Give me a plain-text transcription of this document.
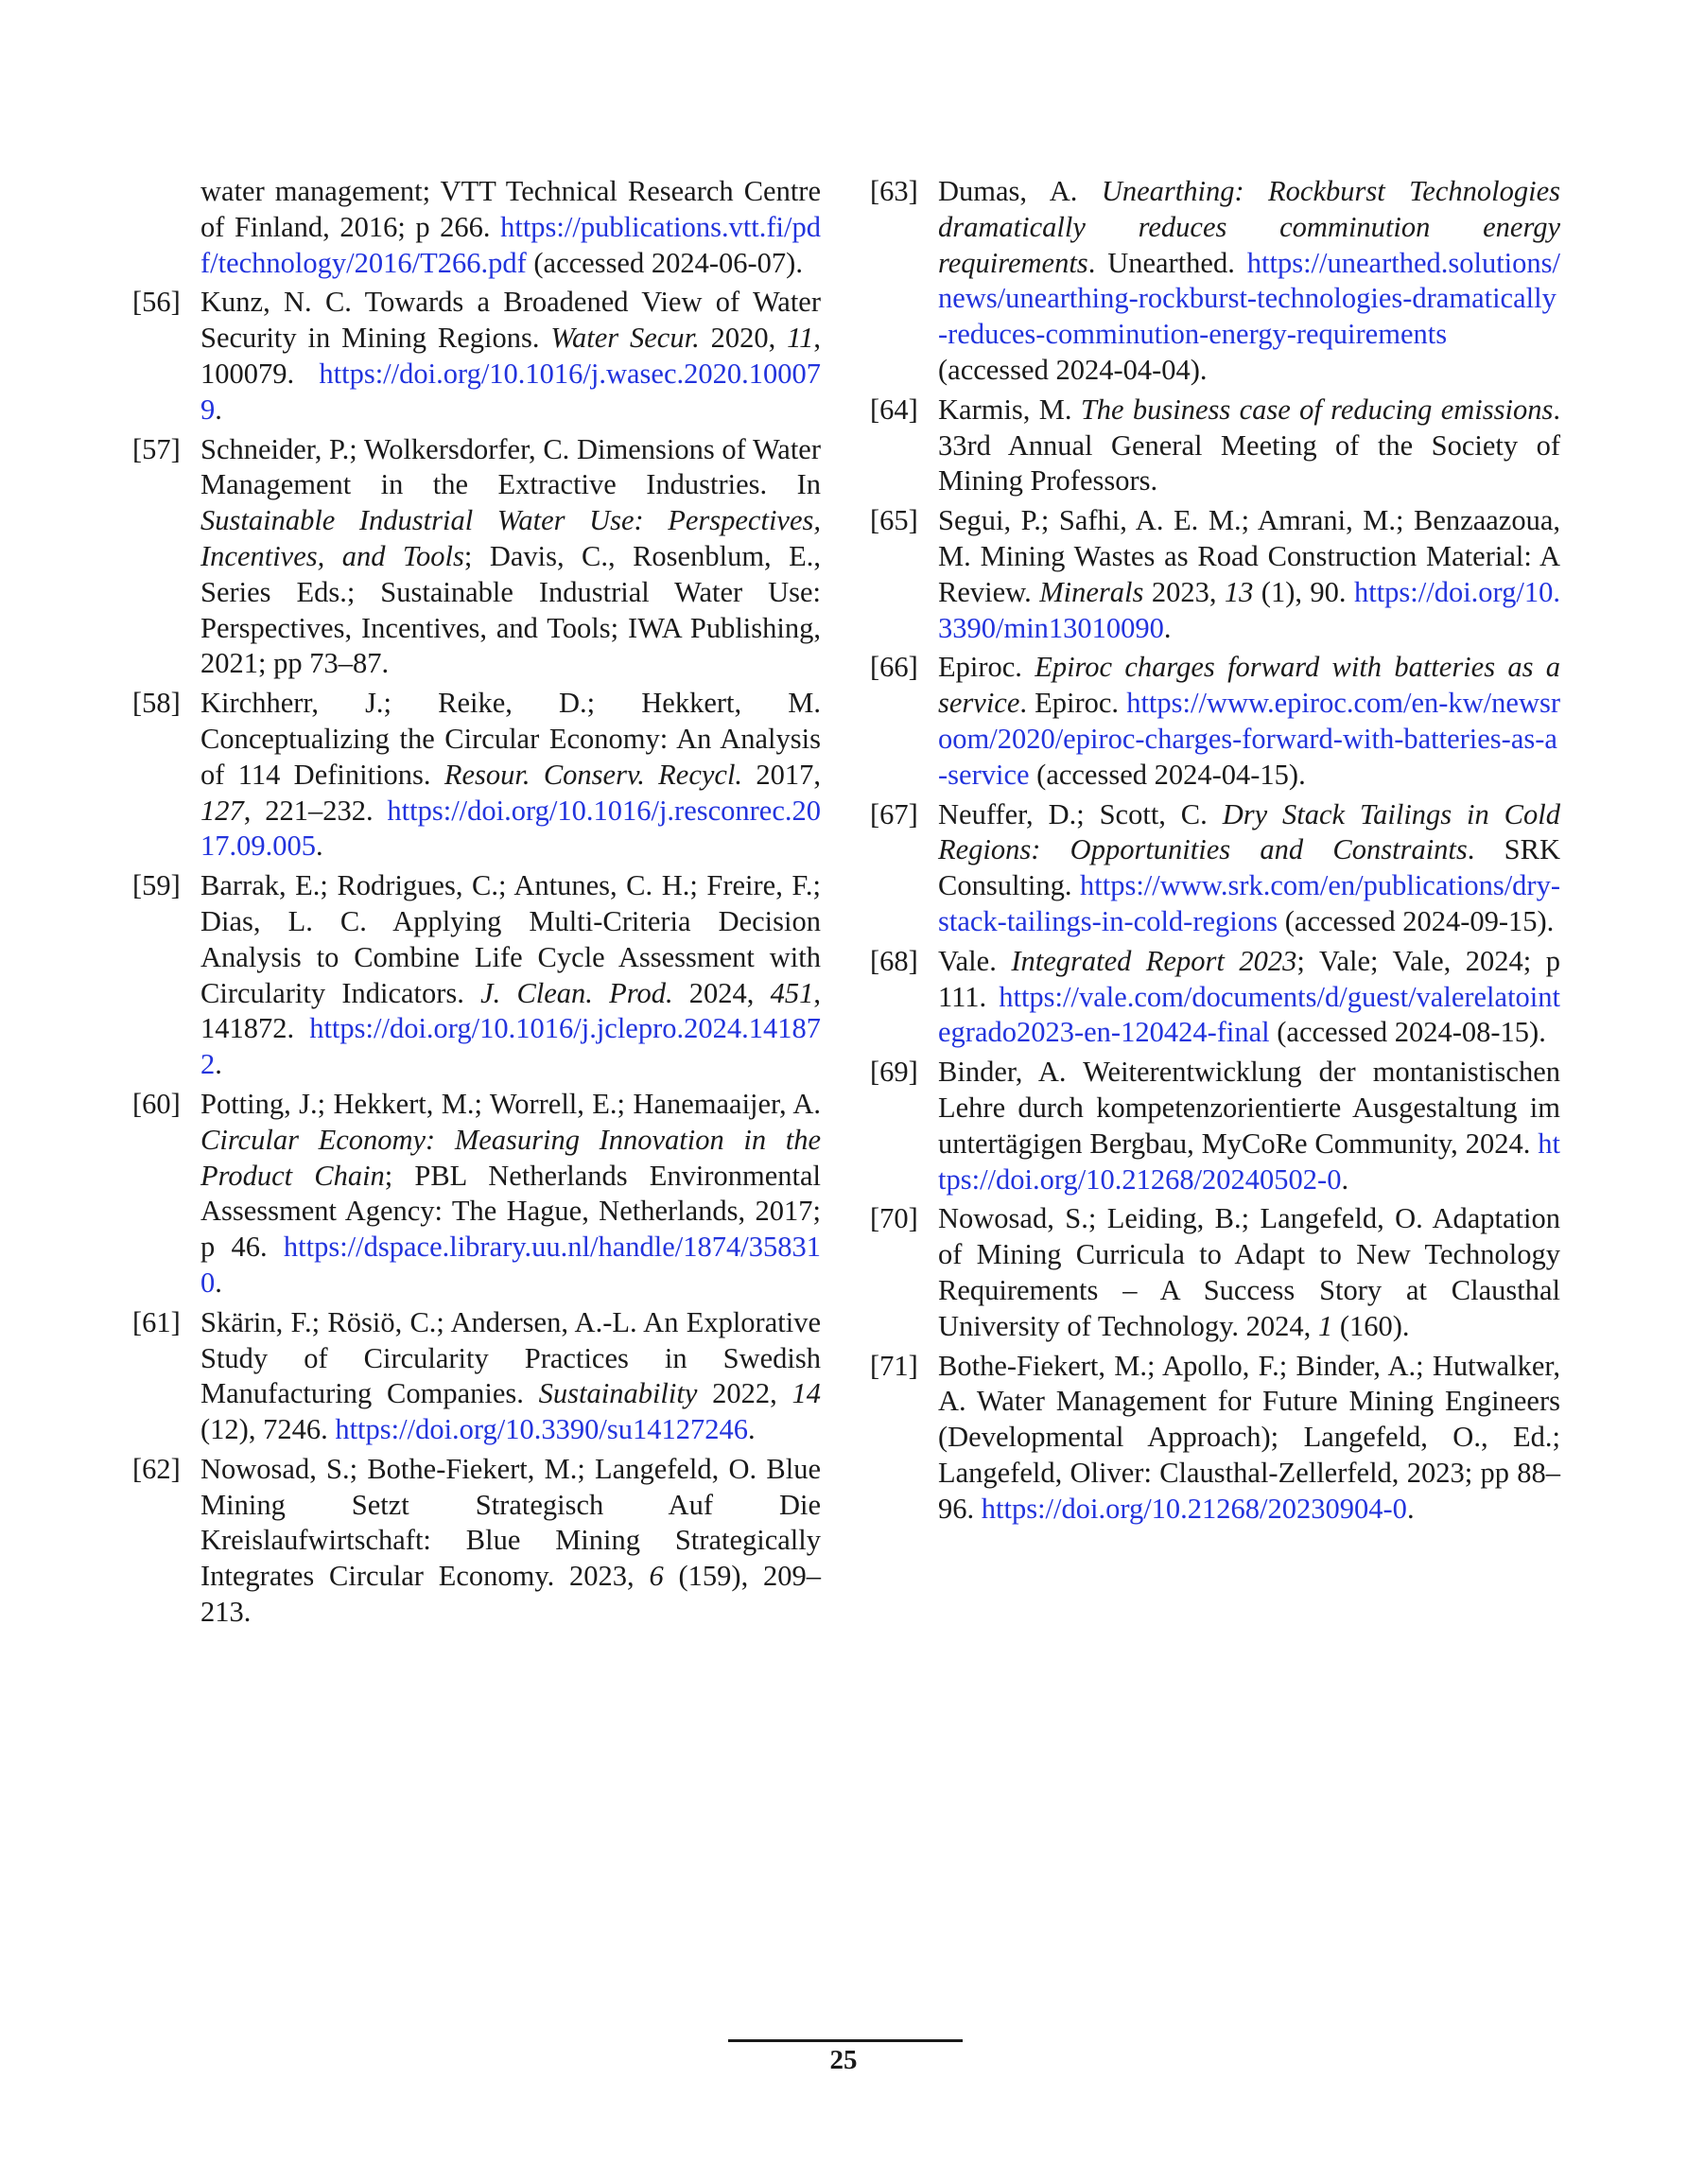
water management; VTT Technical Research Centre of Finland, 2016; p 266. https://publications.vtt.fi/pdf/technology/2016/T266.pdf (accessed 2024-06-07).
[56] Kunz, N. C. Towards a Broadened View of Water Security in Mining Regions. Water Secur. 2020, 11, 100079. https://doi.org/10.1016/j.wasec.2020.100079.
[57] Schneider, P.; Wolkersdorfer, C. Dimensions of Water Management in the Extractive Industries. In Sustainable Industrial Water Use: Perspectives, Incentives, and Tools; Davis, C., Rosenblum, E., Series Eds.; Sustainable Industrial Water Use: Perspectives, Incentives, and Tools; IWA Publishing, 2021; pp 73–87.
[58] Kirchherr, J.; Reike, D.; Hekkert, M. Conceptualizing the Circular Economy: An Analysis of 114 Definitions. Resour. Conserv. Recycl. 2017, 127, 221–232. https://doi.org/10.1016/j.resconrec.2017.09.005.
[59] Barrak, E.; Rodrigues, C.; Antunes, C. H.; Freire, F.; Dias, L. C. Applying Multi-Criteria Decision Analysis to Combine Life Cycle Assessment with Circularity Indicators. J. Clean. Prod. 2024, 451, 141872. https://doi.org/10.1016/j.jclepro.2024.141872.
[60] Potting, J.; Hekkert, M.; Worrell, E.; Hanemaaijer, A. Circular Economy: Measuring Innovation in the Product Chain; PBL Netherlands Environmental Assessment Agency: The Hague, Netherlands, 2017; p 46. https://dspace.library.uu.nl/handle/1874/358310.
[61] Skärin, F.; Rösiö, C.; Andersen, A.-L. An Explorative Study of Circularity Practices in Swedish Manufacturing Companies. Sustainability 2022, 14 (12), 7246. https://doi.org/10.3390/su14127246.
[62] Nowosad, S.; Bothe-Fiekert, M.; Langefeld, O. Blue Mining Setzt Strategisch Auf Die Kreislaufwirtschaft: Blue Mining Strategically Integrates Circular Economy. 2023, 6 (159), 209–213.
[63] Dumas, A. Unearthing: Rockburst Technologies dramatically reduces comminution energy requirements. Unearthed. https://unearthed.solutions/news/unearthing-rockburst-technologies-dramatically-reduces-comminution-energy-requirements (accessed 2024-04-04).
[64] Karmis, M. The business case of reducing emissions. 33rd Annual General Meeting of the Society of Mining Professors.
[65] Segui, P.; Safhi, A. E. M.; Amrani, M.; Benzaazoua, M. Mining Wastes as Road Construction Material: A Review. Minerals 2023, 13 (1), 90. https://doi.org/10.3390/min13010090.
[66] Epiroc. Epiroc charges forward with batteries as a service. Epiroc. https://www.epiroc.com/en-kw/newsroom/2020/epiroc-charges-forward-with-batteries-as-a-service (accessed 2024-04-15).
[67] Neuffer, D.; Scott, C. Dry Stack Tailings in Cold Regions: Opportunities and Constraints. SRK Consulting. https://www.srk.com/en/publications/dry-stack-tailings-in-cold-regions (accessed 2024-09-15).
[68] Vale. Integrated Report 2023; Vale; Vale, 2024; p 111. https://vale.com/documents/d/guest/valerelatointegrado2023-en-120424-final (accessed 2024-08-15).
[69] Binder, A. Weiterentwicklung der montanistischen Lehre durch kompetenzorientierte Ausgestaltung im untertägigen Bergbau, MyCoRe Community, 2024. https://doi.org/10.21268/20240502-0.
[70] Nowosad, S.; Leiding, B.; Langefeld, O. Adaptation of Mining Curricula to Adapt to New Technology Requirements – A Success Story at Clausthal University of Technology. 2024, 1 (160).
[71] Bothe-Fiekert, M.; Apollo, F.; Binder, A.; Hutwalker, A. Water Management for Future Mining Engineers (Developmental Approach); Langefeld, O., Ed.; Langefeld, Oliver: Clausthal-Zellerfeld, 2023; pp 88–96. https://doi.org/10.21268/20230904-0.
25
